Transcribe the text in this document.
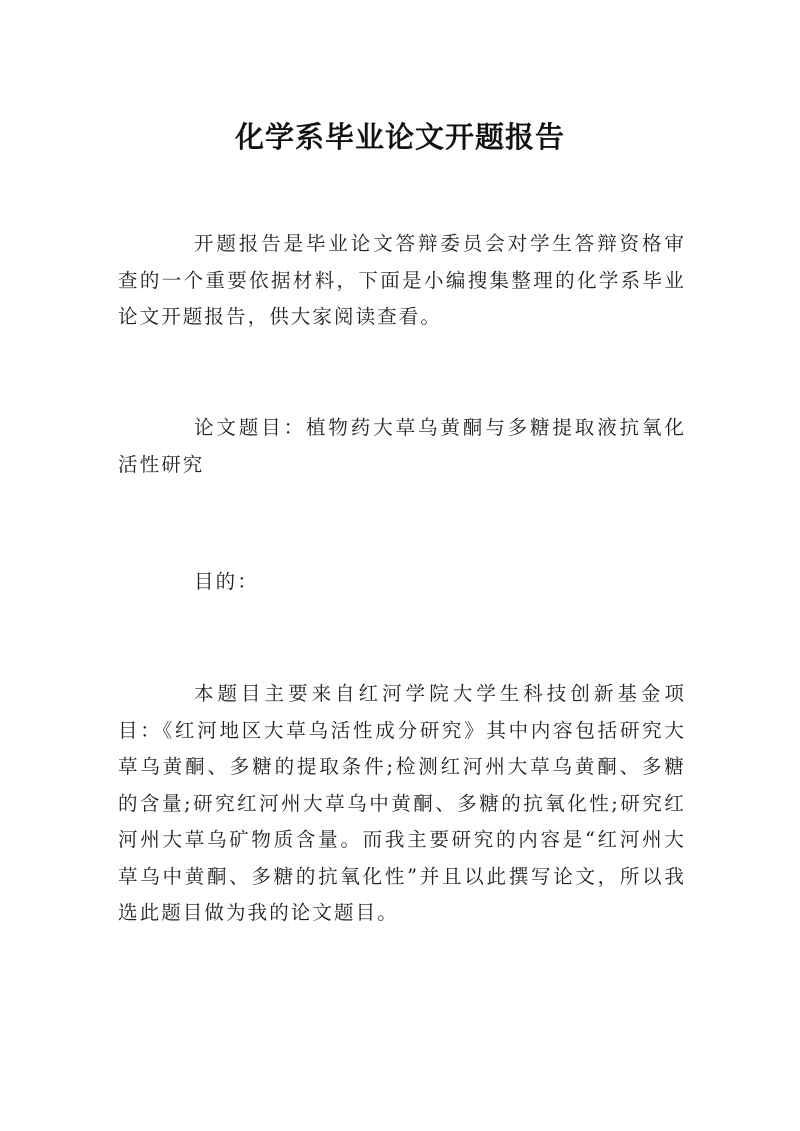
化学系毕业论文开题报告

开题报告是毕业论文答辩委员会对学生答辩资格审查的一个重要依据材料，下面是小编搜集整理的化学系毕业论文开题报告，供大家阅读查看。

论文题目：植物药大草乌黄酮与多糖提取液抗氧化活性研究

目的：

本题目主要来自红河学院大学生科技创新基金项目：《红河地区大草乌活性成分研究》其中内容包括研究大草乌黄酮、多糖的提取条件;检测红河州大草乌黄酮、多糖的含量;研究红河州大草乌中黄酮、多糖的抗氧化性;研究红河州大草乌矿物质含量。而我主要研究的内容是“红河州大草乌中黄酮、多糖的抗氧化性”并且以此撰写论文，所以我选此题目做为我的论文题目。
